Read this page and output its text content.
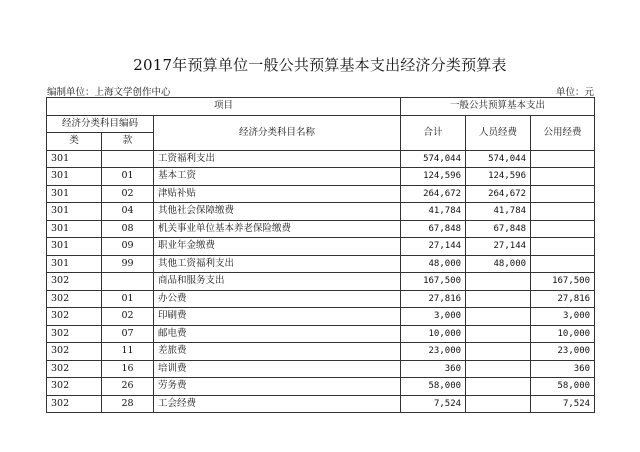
2017年预算单位一般公共预算基本支出经济分类预算表
编制单位：上海文学创作中心	单位：元
项目			一般公共预算基本支出		
经济分类科目编码		经济分类科目名称	合计	人员经费	公用经费
类	款				
301		工资福利支出	574,044	574,044	
301	01	基本工资	124,596	124,596	
301	02	津贴补贴	264,672	264,672	
301	04	其他社会保障缴费	41,784	41,784	
301	08	机关事业单位基本养老保险缴费	67,848	67,848	
301	09	职业年金缴费	27,144	27,144	
301	99	其他工资福利支出	48,000	48,000	
302		商品和服务支出	167,500		167,500
302	01	办公费	27,816		27,816
302	02	印刷费	3,000		3,000
302	07	邮电费	10,000		10,000
302	11	差旅费	23,000		23,000
302	16	培训费	360		360
302	26	劳务费	58,000		58,000
302	28	工会经费	7,524		7,524
